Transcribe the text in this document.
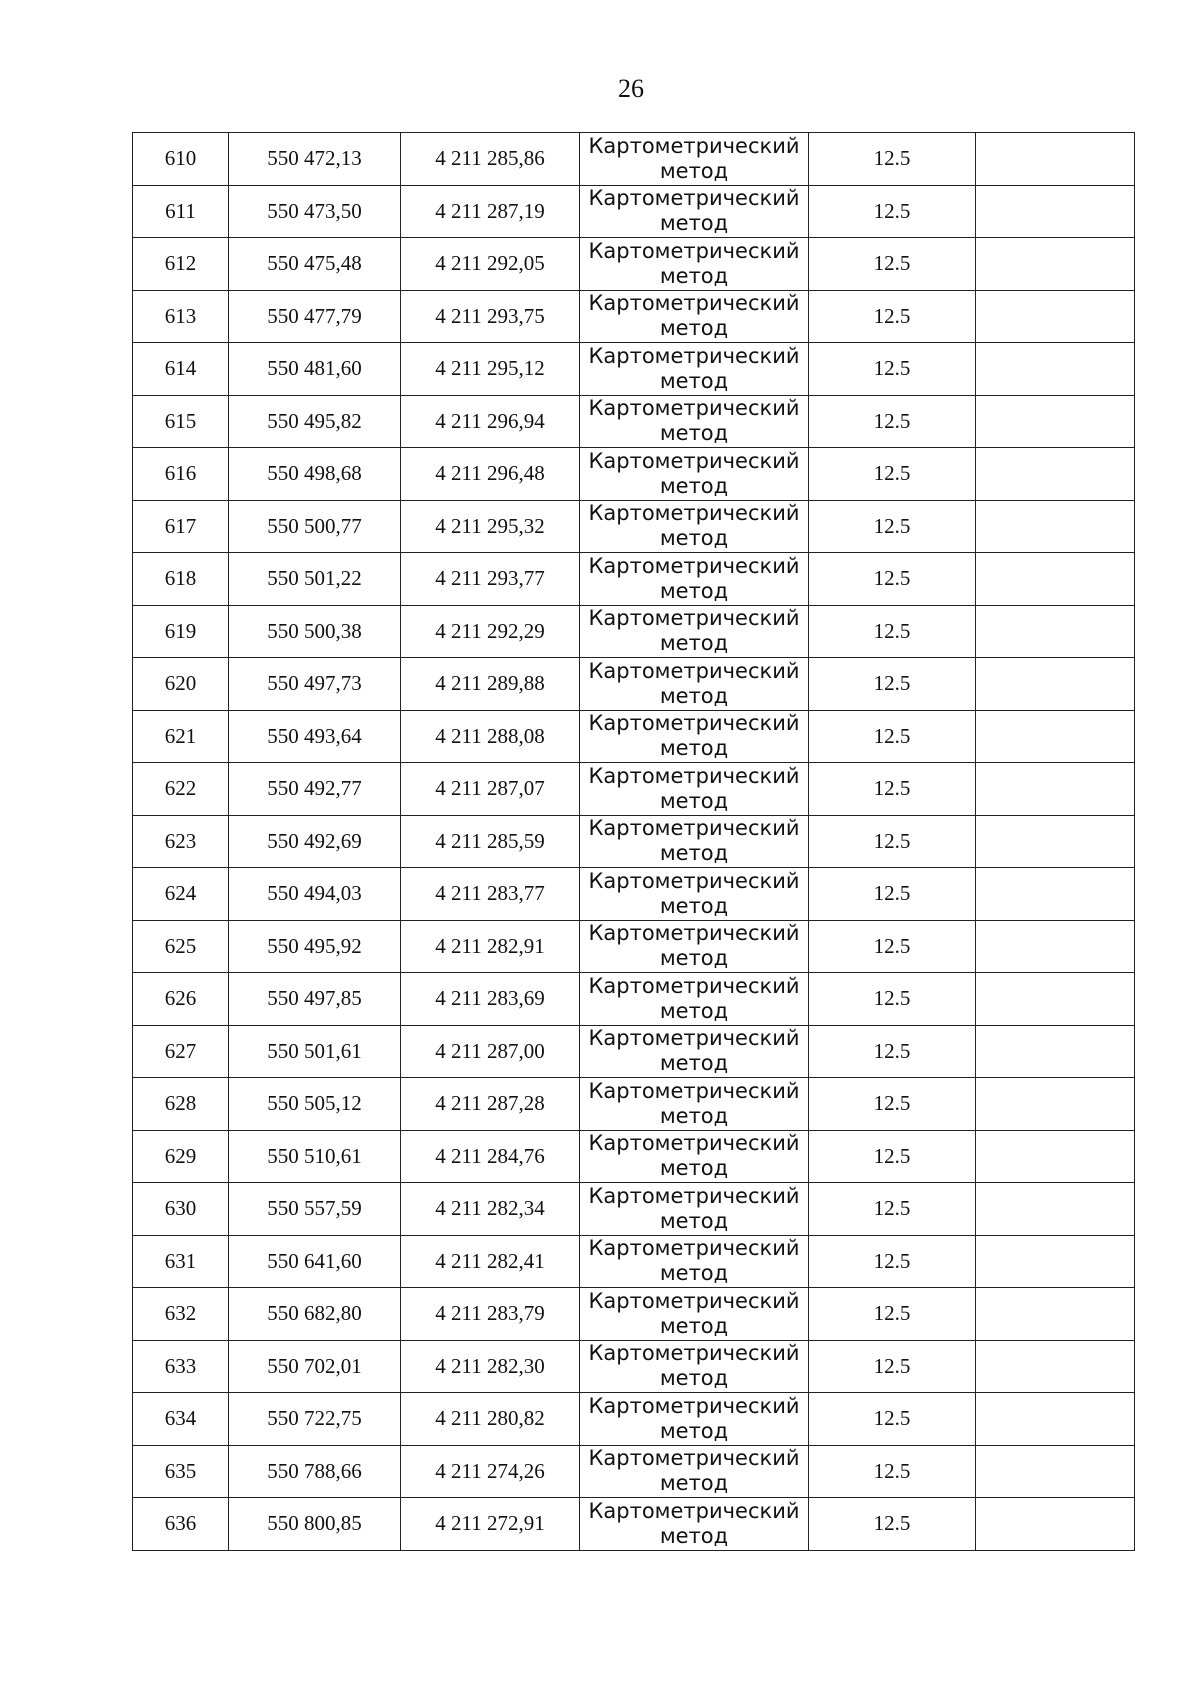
26
610	550 472,13	4 211 285,86	Картометрический метод	12.5	
611	550 473,50	4 211 287,19	Картометрический метод	12.5	
612	550 475,48	4 211 292,05	Картометрический метод	12.5	
613	550 477,79	4 211 293,75	Картометрический метод	12.5	
614	550 481,60	4 211 295,12	Картометрический метод	12.5	
615	550 495,82	4 211 296,94	Картометрический метод	12.5	
616	550 498,68	4 211 296,48	Картометрический метод	12.5	
617	550 500,77	4 211 295,32	Картометрический метод	12.5	
618	550 501,22	4 211 293,77	Картометрический метод	12.5	
619	550 500,38	4 211 292,29	Картометрический метод	12.5	
620	550 497,73	4 211 289,88	Картометрический метод	12.5	
621	550 493,64	4 211 288,08	Картометрический метод	12.5	
622	550 492,77	4 211 287,07	Картометрический метод	12.5	
623	550 492,69	4 211 285,59	Картометрический метод	12.5	
624	550 494,03	4 211 283,77	Картометрический метод	12.5	
625	550 495,92	4 211 282,91	Картометрический метод	12.5	
626	550 497,85	4 211 283,69	Картометрический метод	12.5	
627	550 501,61	4 211 287,00	Картометрический метод	12.5	
628	550 505,12	4 211 287,28	Картометрический метод	12.5	
629	550 510,61	4 211 284,76	Картометрический метод	12.5	
630	550 557,59	4 211 282,34	Картометрический метод	12.5	
631	550 641,60	4 211 282,41	Картометрический метод	12.5	
632	550 682,80	4 211 283,79	Картометрический метод	12.5	
633	550 702,01	4 211 282,30	Картометрический метод	12.5	
634	550 722,75	4 211 280,82	Картометрический метод	12.5	
635	550 788,66	4 211 274,26	Картометрический метод	12.5	
636	550 800,85	4 211 272,91	Картометрический метод	12.5	
